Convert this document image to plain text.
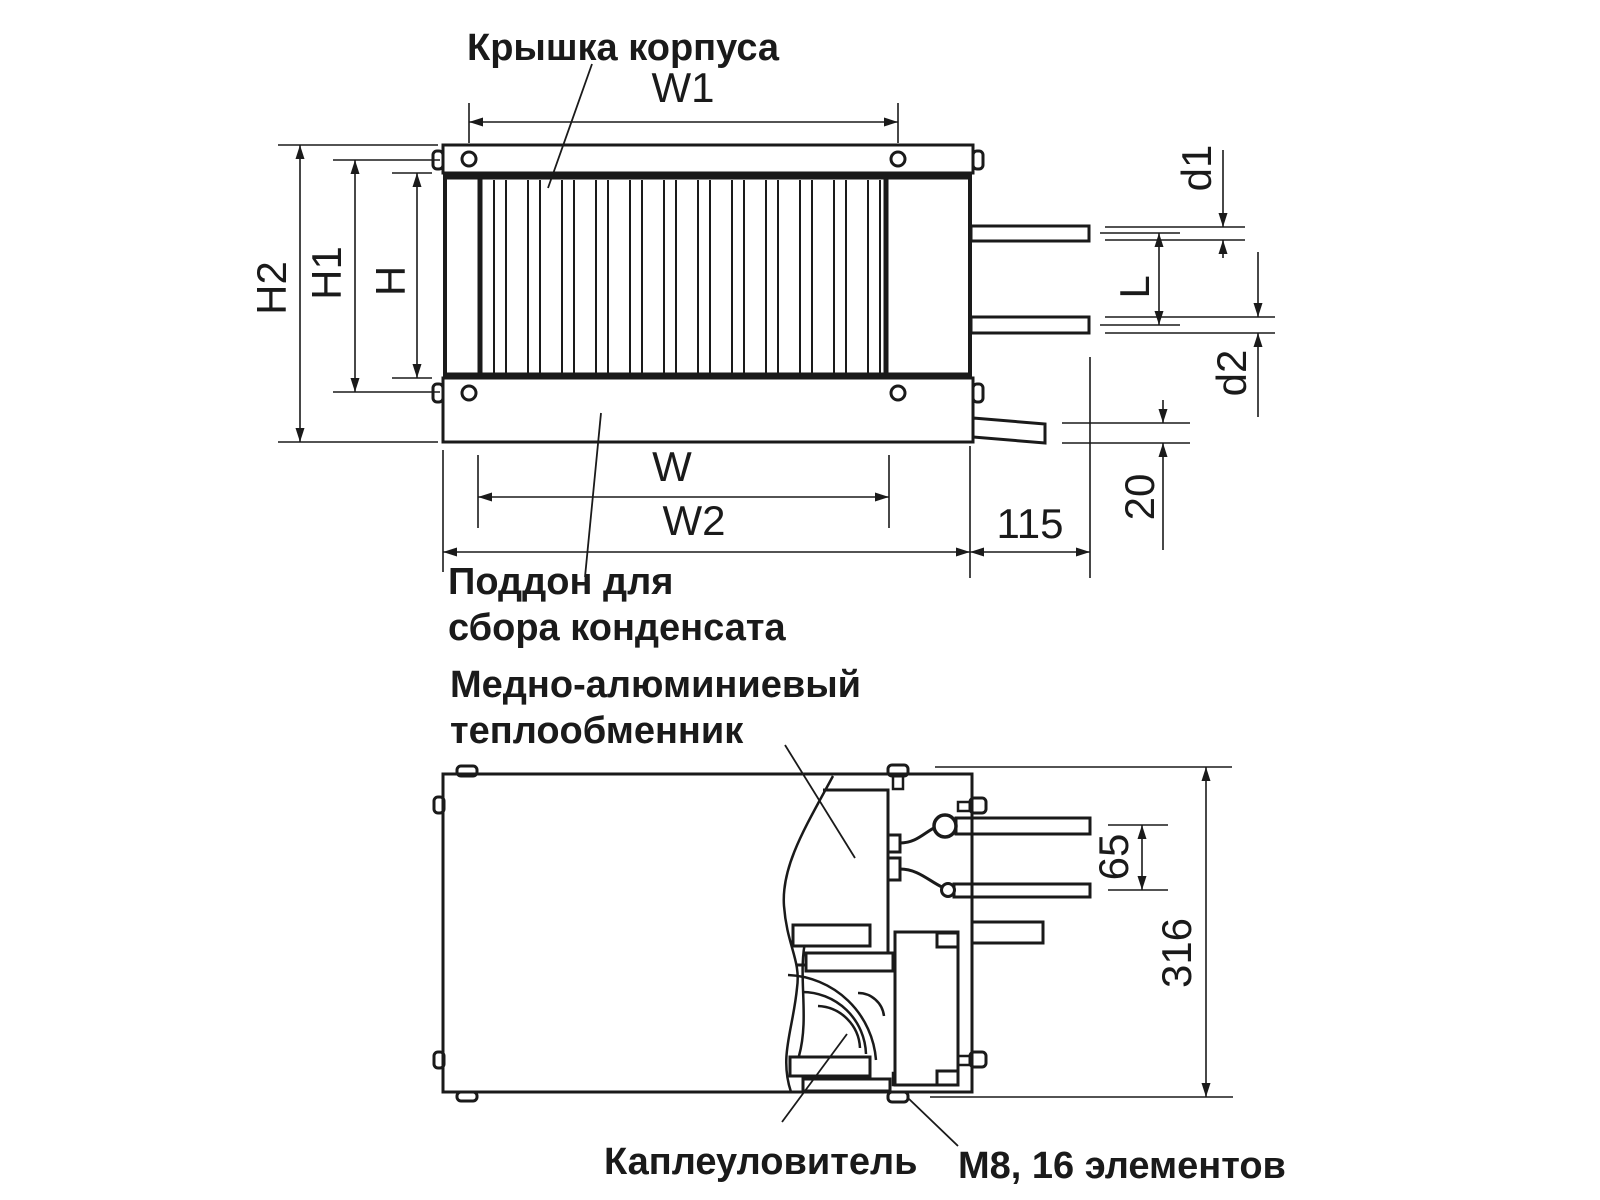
Крышка корпуса
Поддон для
сбора конденсата
Медно-алюминиевый
теплообменник
Каплеуловитель М8, 16 элементов
W1
H2 H1 H
W
W2	115
20
d1
L
d2
65
316
